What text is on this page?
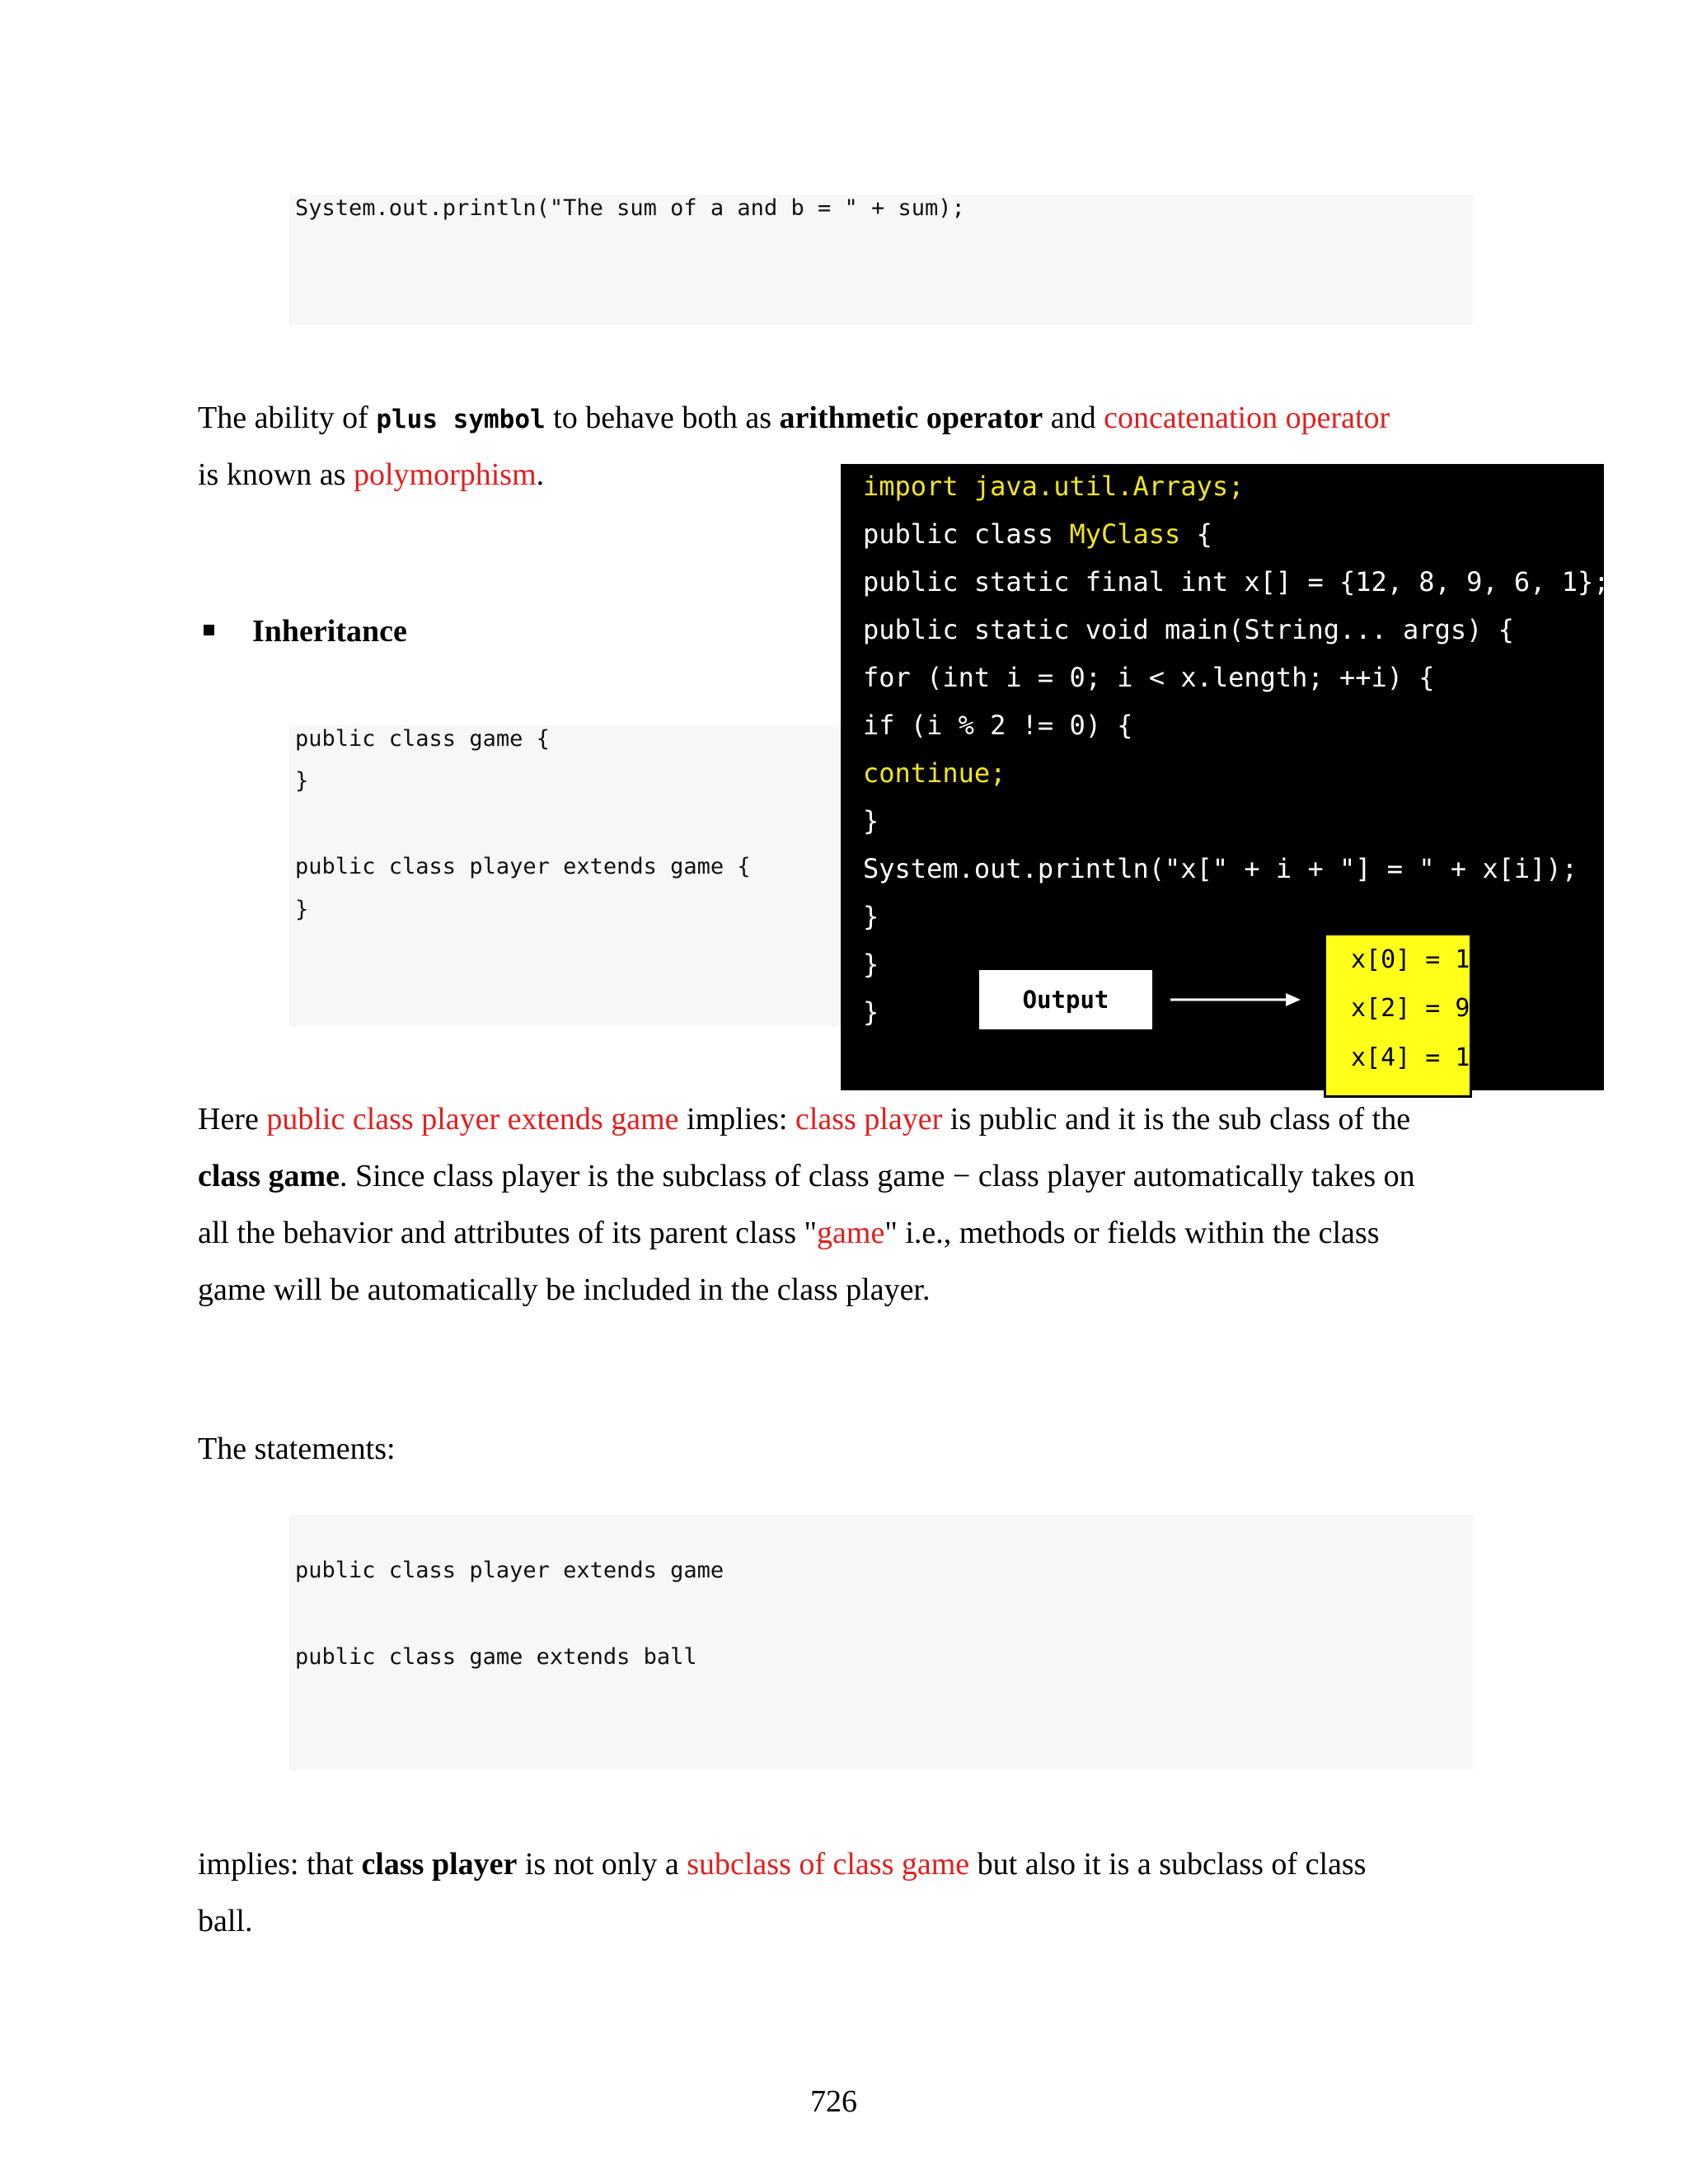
System.out.println("The sum of a and b = " + sum);
The ability of plus symbol to behave both as arithmetic operator and concatenation operator
is known as polymorphism.
Inheritance
public class game {
}
public class player extends game {
}
import java.util.Arrays;
public class MyClass {
public static final int x[] = {12, 8, 9, 6, 1};
public static void main(String... args) {
for (int i = 0; i < x.length; ++i) {
if (i % 2 != 0) {
continue;
}
System.out.println("x[" + i + "] = " + x[i]);
}
}
}	Output
x[0] = 12
x[2] = 9
x[4] = 1
Here public class player extends game implies: class player is public and it is the sub class of the
class game. Since class player is the subclass of class game − class player automatically takes on
all the behavior and attributes of its parent class "game" i.e., methods or fields within the class
game will be automatically be included in the class player.
The statements:
public class player extends game
public class game extends ball
implies: that class player is not only a subclass of class game but also it is a subclass of class
ball.
726
